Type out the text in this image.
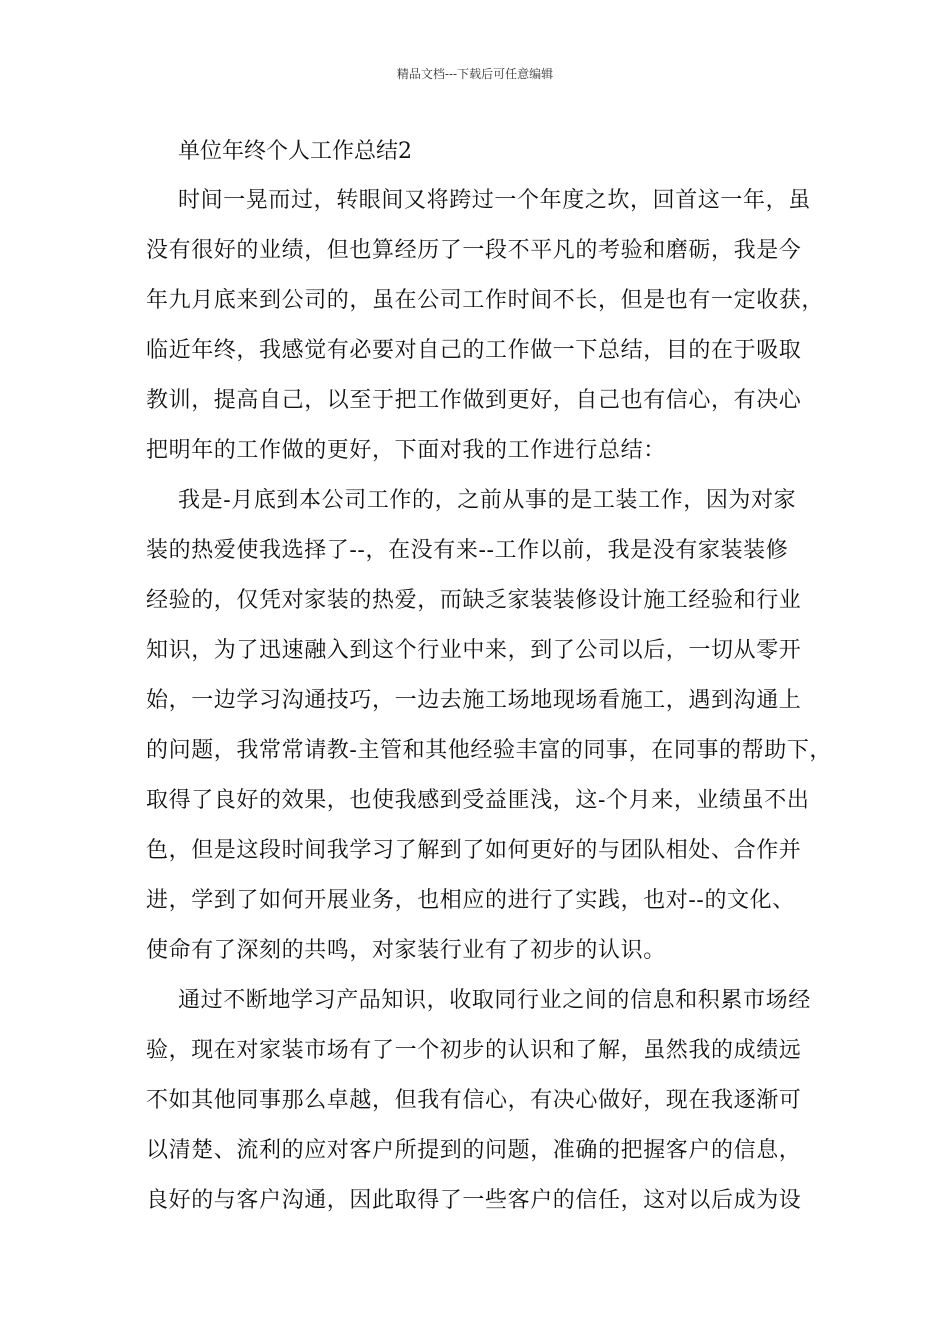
精品文档---下载后可任意编辑
单位年终个人工作总结2
时间一晃而过，转眼间又将跨过一个年度之坎，回首这一年，虽
没有很好的业绩，但也算经历了一段不平凡的考验和磨砺，我是今
年九月底来到公司的，虽在公司工作时间不长，但是也有一定收获，
临近年终，我感觉有必要对自己的工作做一下总结，目的在于吸取
教训，提高自己，以至于把工作做到更好，自己也有信心，有决心
把明年的工作做的更好，下面对我的工作进行总结：
我是-月底到本公司工作的，之前从事的是工装工作，因为对家
装的热爱使我选择了--，在没有来--工作以前，我是没有家装装修
经验的，仅凭对家装的热爱，而缺乏家装装修设计施工经验和行业
知识，为了迅速融入到这个行业中来，到了公司以后，一切从零开
始，一边学习沟通技巧，一边去施工场地现场看施工，遇到沟通上
的问题，我常常请教-主管和其他经验丰富的同事，在同事的帮助下，
取得了良好的效果，也使我感到受益匪浅，这-个月来，业绩虽不出
色，但是这段时间我学习了解到了如何更好的与团队相处、合作并
进，学到了如何开展业务，也相应的进行了实践，也对--的文化、
使命有了深刻的共鸣，对家装行业有了初步的认识。
通过不断地学习产品知识，收取同行业之间的信息和积累市场经
验，现在对家装市场有了一个初步的认识和了解，虽然我的成绩远
不如其他同事那么卓越，但我有信心，有决心做好，现在我逐渐可
以清楚、流利的应对客户所提到的问题，准确的把握客户的信息，
良好的与客户沟通，因此取得了一些客户的信任，这对以后成为设
